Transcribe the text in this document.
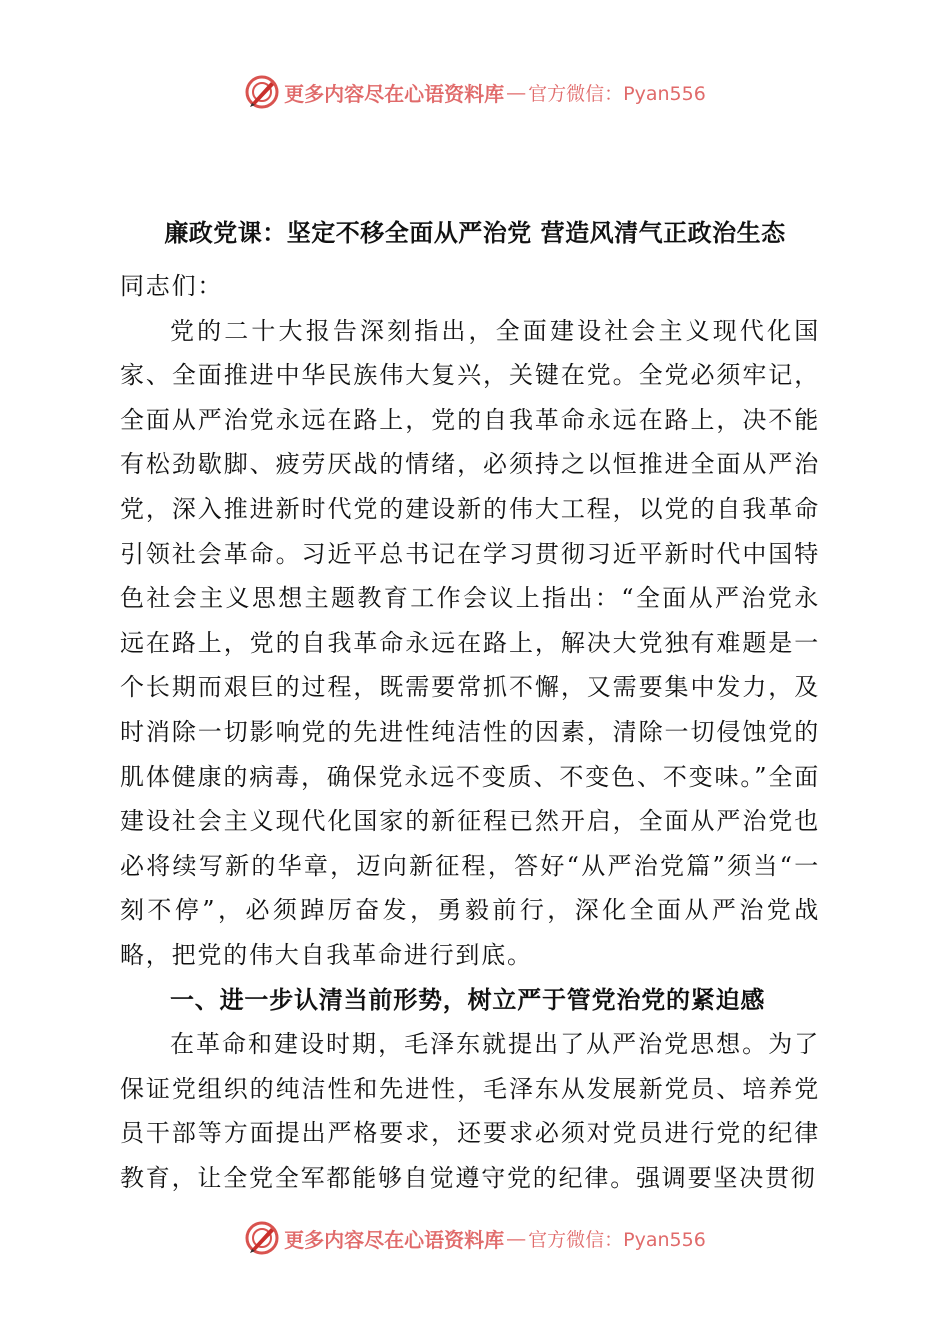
更多内容尽在心语资料库 — 官方微信：Pyan556
廉政党课：坚定不移全面从严治党 营造风清气正政治生态

同志们：

党的二十大报告深刻指出，全面建设社会主义现代化国家、全面推进中华民族伟大复兴，关键在党。全党必须牢记，全面从严治党永远在路上，党的自我革命永远在路上，决不能有松劲歇脚、疲劳厌战的情绪，必须持之以恒推进全面从严治党，深入推进新时代党的建设新的伟大工程，以党的自我革命引领社会革命。习近平总书记在学习贯彻习近平新时代中国特色社会主义思想主题教育工作会议上指出：“全面从严治党永远在路上，党的自我革命永远在路上，解决大党独有难题是一个长期而艰巨的过程，既需要常抓不懈，又需要集中发力，及时消除一切影响党的先进性纯洁性的因素，清除一切侵蚀党的肌体健康的病毒，确保党永远不变质、不变色、不变味。”全面建设社会主义现代化国家的新征程已然开启，全面从严治党也必将续写新的华章，迈向新征程，答好“从严治党篇”须当“一刻不停”，必须踔厉奋发，勇毅前行，深化全面从严治党战略，把党的伟大自我革命进行到底。

一、进一步认清当前形势，树立严于管党治党的紧迫感

在革命和建设时期，毛泽东就提出了从严治党思想。为了保证党组织的纯洁性和先进性，毛泽东从发展新党员、培养党员干部等方面提出严格要求，还要求必须对党员进行党的纪律教育，让全党全军都能够自觉遵守党的纪律。强调要坚决贯彻

更多内容尽在心语资料库 — 官方微信：Pyan556
